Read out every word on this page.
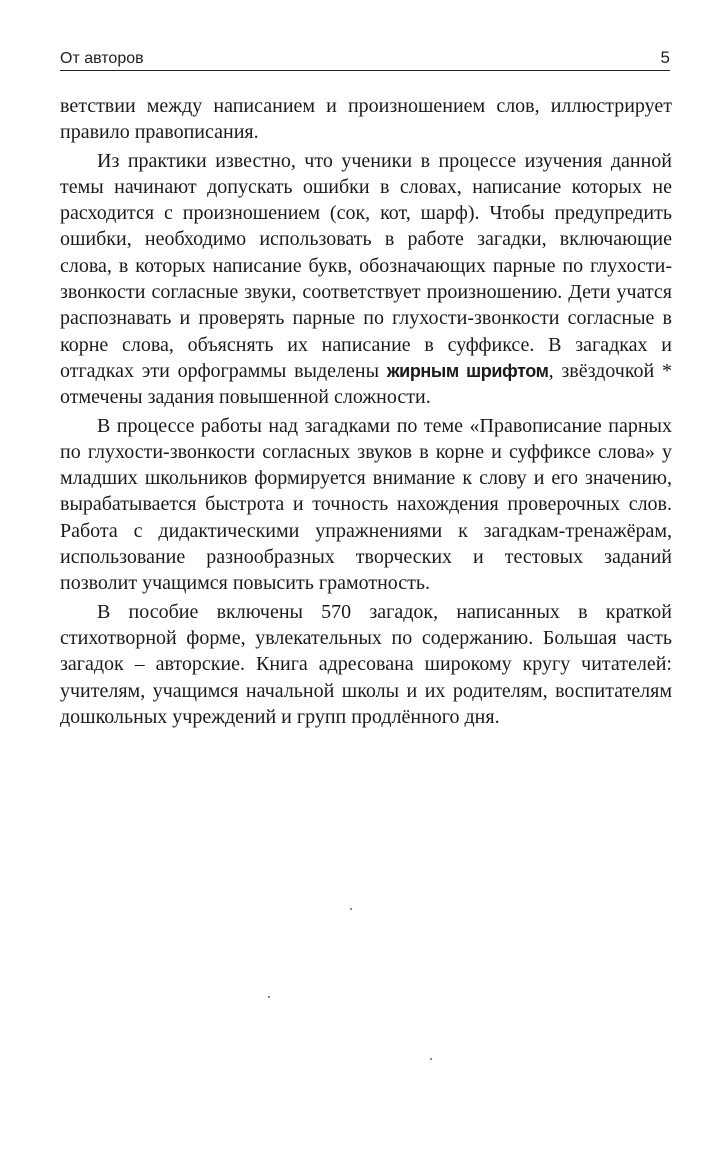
От авторов	5

ветствии между написанием и произношением слов, иллюстрирует правило правописания.

Из практики известно, что ученики в процессе изучения данной темы начинают допускать ошибки в словах, написание которых не расходится с произношением (сок, кот, шарф). Чтобы предупредить ошибки, необходимо использовать в работе загадки, включающие слова, в которых написание букв, обозначающих парные по глухости-звонкости согласные звуки, соответствует произношению. Дети учатся распознавать и проверять парные по глухости-звонкости согласные в корне слова, объяснять их написание в суффиксе. В загадках и отгадках эти орфограммы выделены жирным шрифтом, звёздочкой * отмечены задания повышенной сложности.

В процессе работы над загадками по теме «Правописание парных по глухости-звонкости согласных звуков в корне и суффиксе слова» у младших школьников формируется внимание к слову и его значению, вырабатывается быстрота и точность нахождения проверочных слов. Работа с дидактическими упражнениями к загадкам-тренажёрам, использование разнообразных творческих и тестовых заданий позволит учащимся повысить грамотность.

В пособие включены 570 загадок, написанных в краткой стихотворной форме, увлекательных по содержанию. Большая часть загадок – авторские. Книга адресована широкому кругу читателей: учителям, учащимся начальной школы и их родителям, воспитателям дошкольных учреждений и групп продлённого дня.
